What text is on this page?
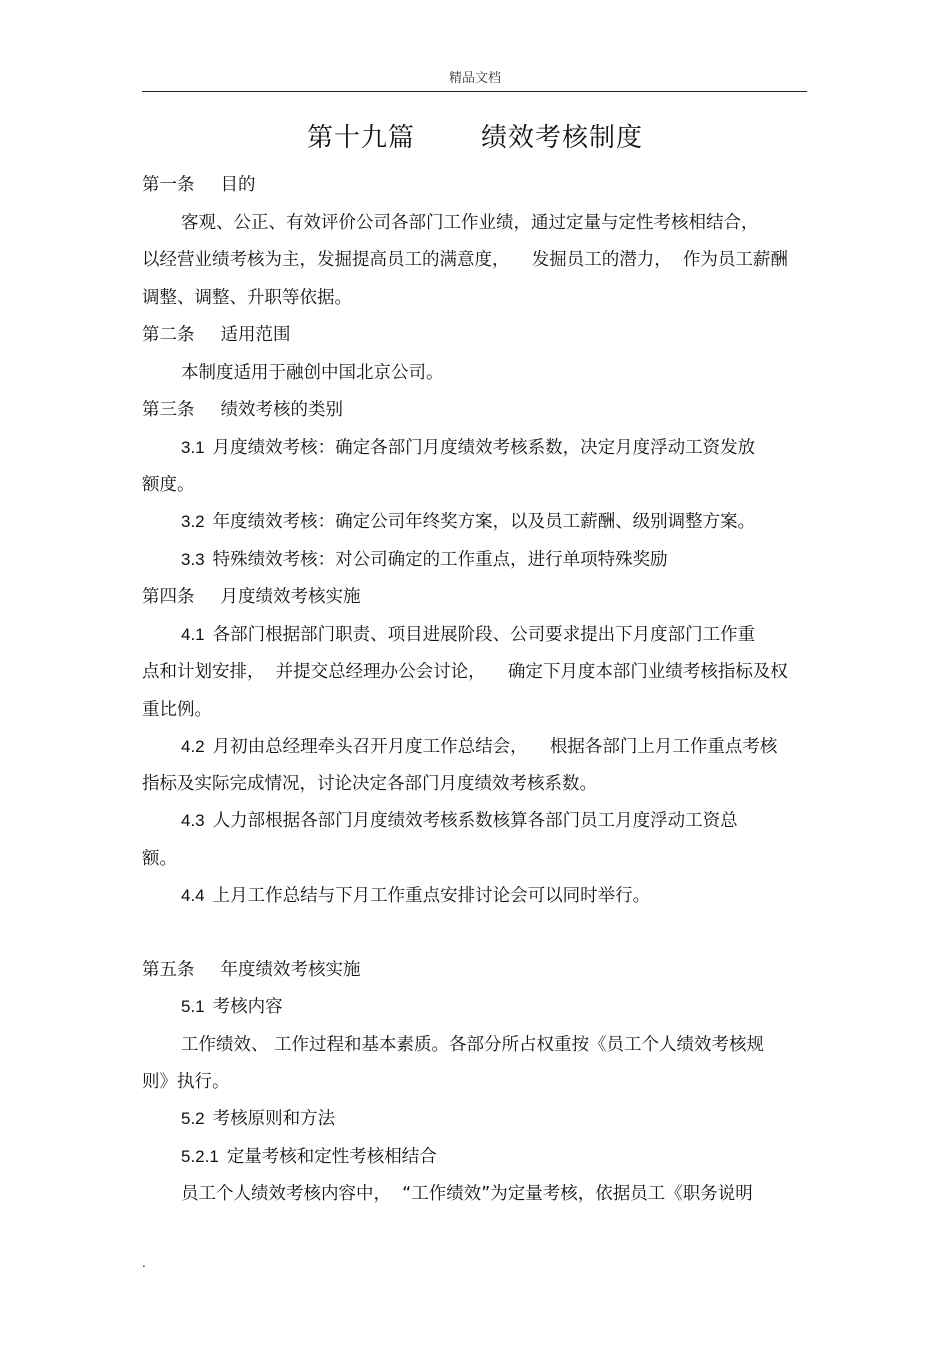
精品文档
第十九篇	绩效考核制度
第一条 目的
客观、公正、有效评价公司各部门工作业绩，通过定量与定性考核相结合，
以经营业绩考核为主，发掘提高员工的满意度，    发掘员工的潜力，  作为员工薪酬
调整、调整、升职等依据。
第二条 适用范围
本制度适用于融创中国北京公司。
第三条 绩效考核的类别
3.1 月度绩效考核：确定各部门月度绩效考核系数，决定月度浮动工资发放
额度。
3.2 年度绩效考核：确定公司年终奖方案，以及员工薪酬、级别调整方案。
3.3 特殊绩效考核：对公司确定的工作重点，进行单项特殊奖励
第四条 月度绩效考核实施
4.1 各部门根据部门职责、项目进展阶段、公司要求提出下月度部门工作重
点和计划安排，  并提交总经理办公会讨论，    确定下月度本部门业绩考核指标及权
重比例。
4.2 月初由总经理牵头召开月度工作总结会，    根据各部门上月工作重点考核
指标及实际完成情况，讨论决定各部门月度绩效考核系数。
4.3 人力部根据各部门月度绩效考核系数核算各部门员工月度浮动工资总
额。
4.4 上月工作总结与下月工作重点安排讨论会可以同时举行。
第五条 年度绩效考核实施
5.1 考核内容
工作绩效、 工作过程和基本素质。各部分所占权重按《员工个人绩效考核规
则》执行。
5.2 考核原则和方法
5.2.1 定量考核和定性考核相结合
员工个人绩效考核内容中，  “工作绩效”为定量考核，依据员工《职务说明
.
